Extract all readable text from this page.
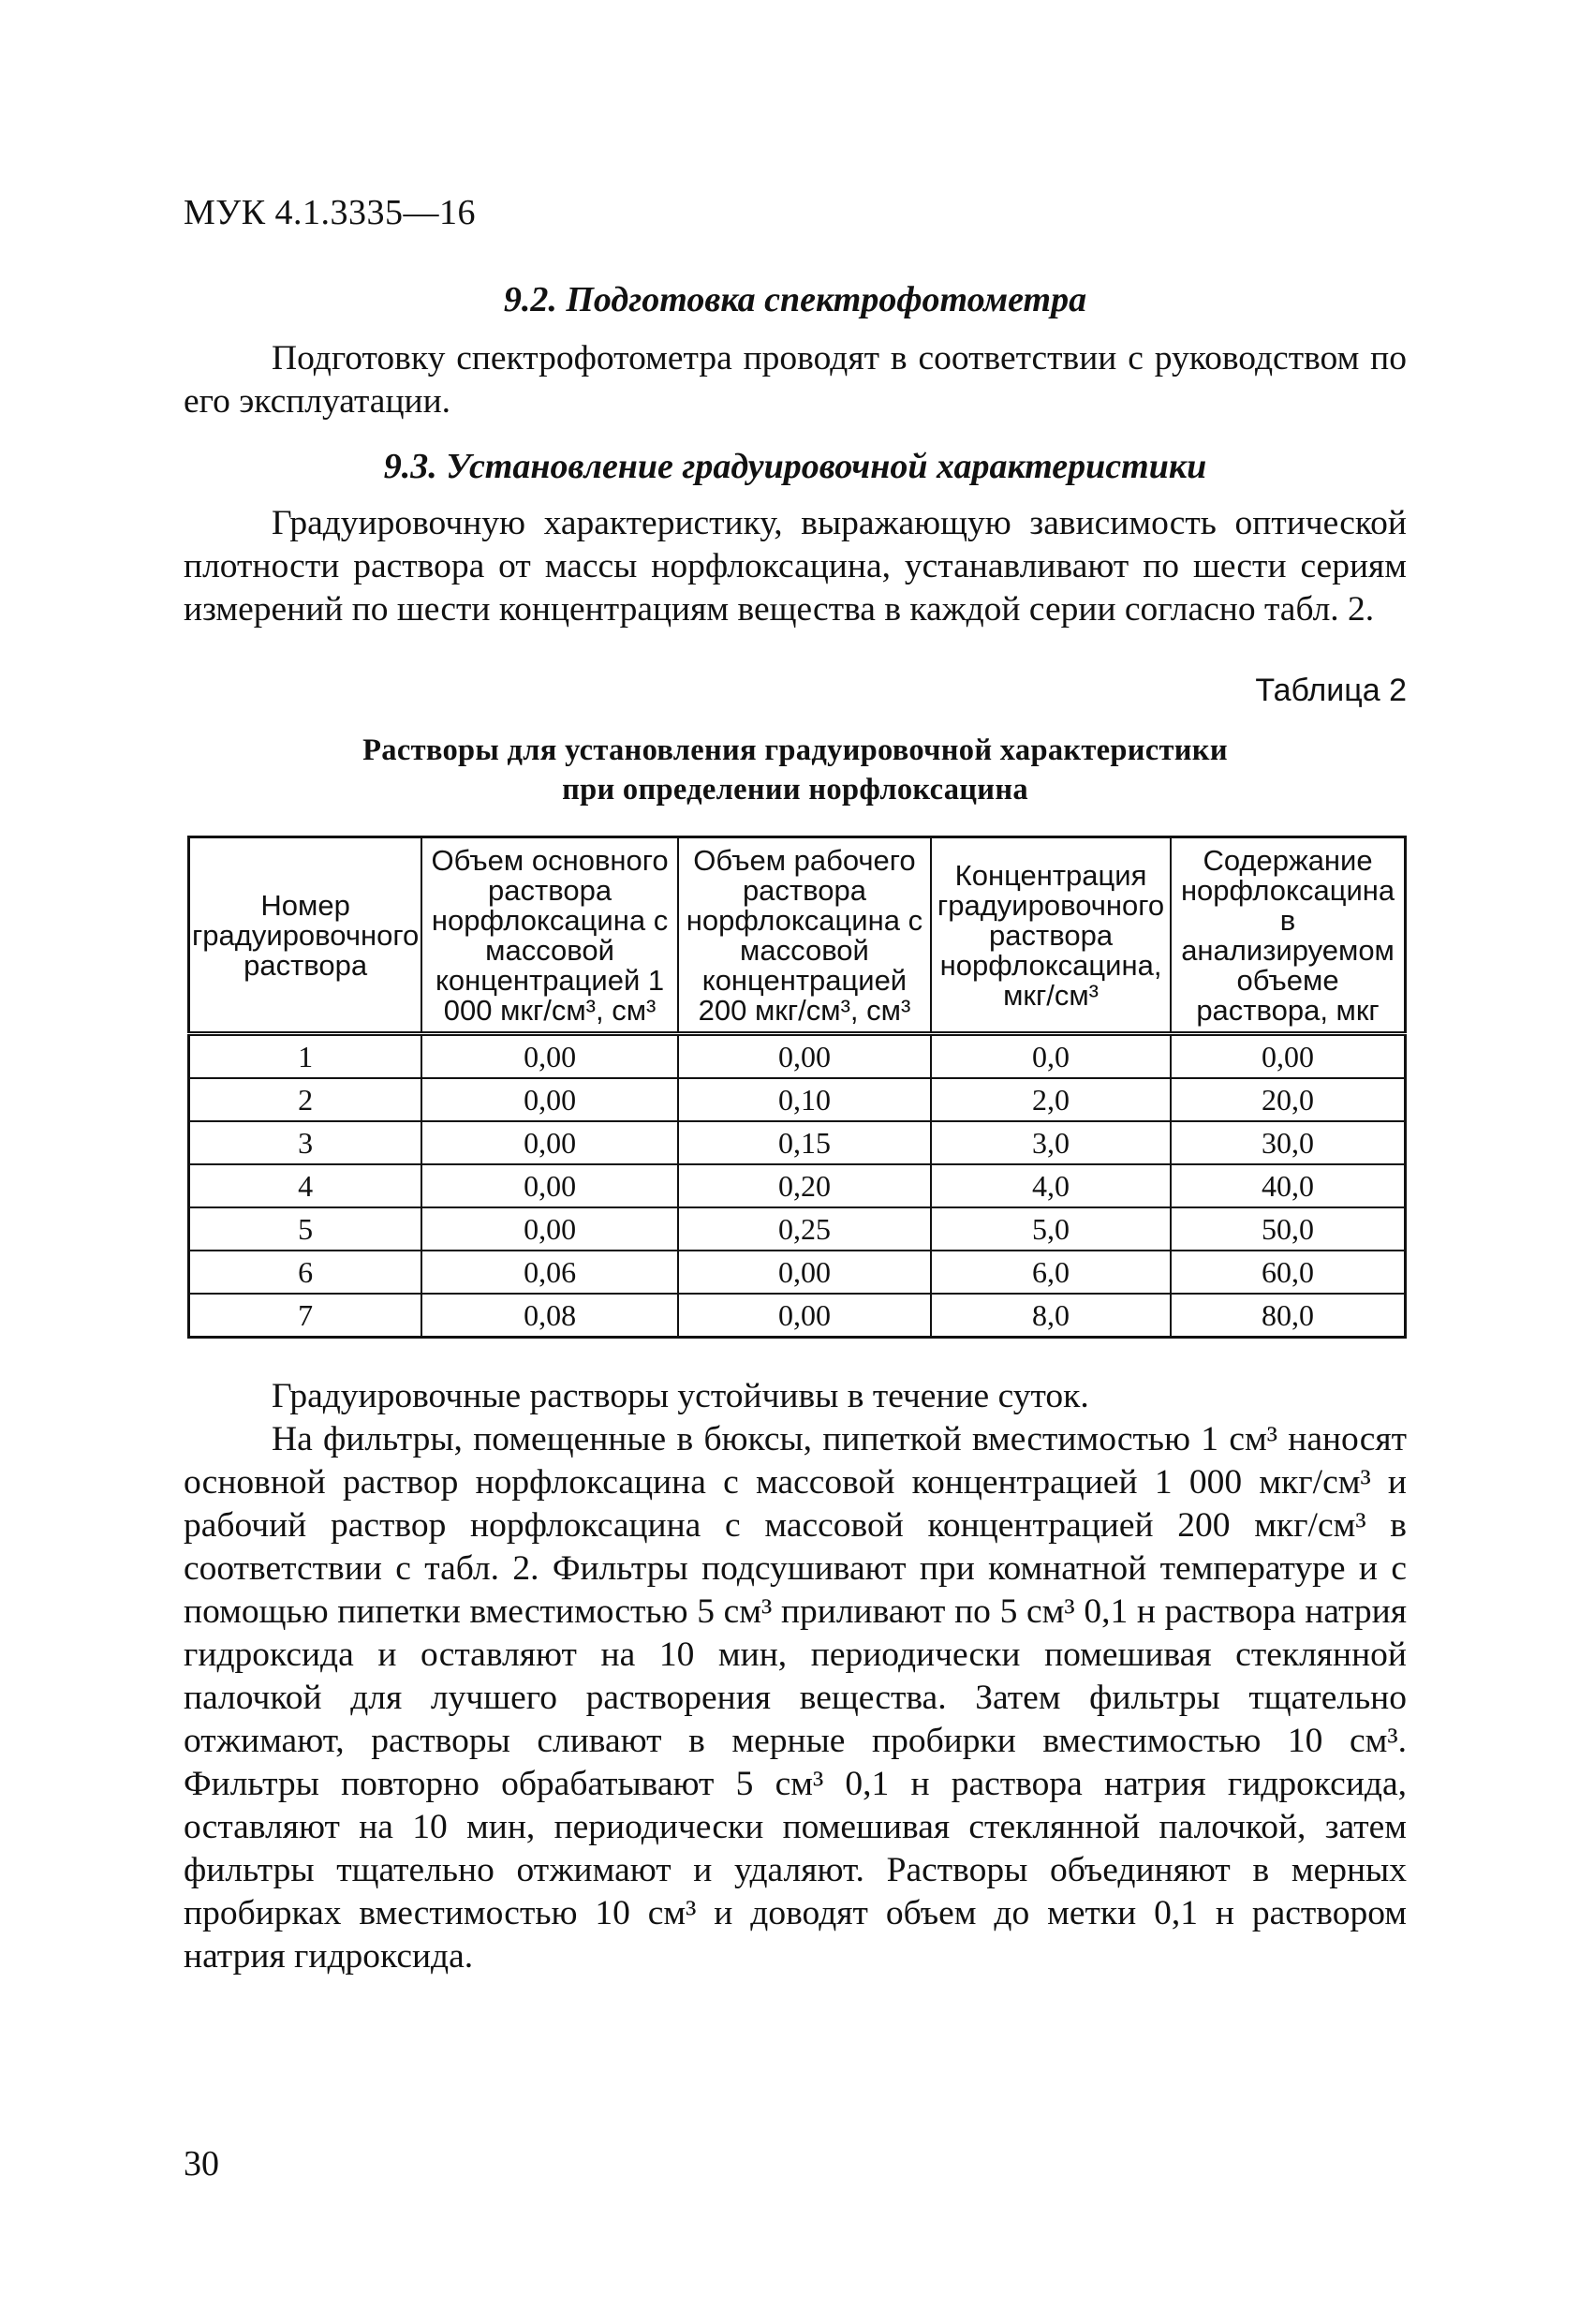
МУК 4.1.3335—16
9.2. Подготовка спектрофотометра

Подготовку спектрофотометра проводят в соответствии с руководством по его эксплуатации.

9.3. Установление градуировочной характеристики

Градуировочную характеристику, выражающую зависимость оптической плотности раствора от массы норфлоксацина, устанавливают по шести сериям измерений по шести концентрациям вещества в каждой серии согласно табл. 2.

Таблица 2
Растворы для установления градуировочной характеристики
при определении норфлоксацина
Номер градуировочного раствора	Объем основного раствора норфлоксацина с массовой концентрацией 1 000 мкг/см³, см³	Объем рабочего раствора норфлоксацина с массовой концентрацией 200 мкг/см³, см³	Концентрация градуировочного раствора норфлоксацина, мкг/см³	Содержание норфлоксацина в анализируемом объеме раствора, мкг
1	0,00	0,00	0,0	0,00
2	0,00	0,10	2,0	20,0
3	0,00	0,15	3,0	30,0
4	0,00	0,20	4,0	40,0
5	0,00	0,25	5,0	50,0
6	0,06	0,00	6,0	60,0
7	0,08	0,00	8,0	80,0

Градуировочные растворы устойчивы в течение суток.

На фильтры, помещенные в бюксы, пипеткой вместимостью 1 см³ наносят основной раствор норфлоксацина с массовой концентрацией 1 000 мкг/см³ и рабочий раствор норфлоксацина с массовой концентрацией 200 мкг/см³ в соответствии с табл. 2. Фильтры подсушивают при комнатной температуре и с помощью пипетки вместимостью 5 см³ приливают по 5 см³ 0,1 н раствора натрия гидроксида и оставляют на 10 мин, периодически помешивая стеклянной палочкой для лучшего растворения вещества. Затем фильтры тщательно отжимают, растворы сливают в мерные пробирки вместимостью 10 см³. Фильтры повторно обрабатывают 5 см³ 0,1 н раствора натрия гидроксида, оставляют на 10 мин, периодически помешивая стеклянной палочкой, затем фильтры тщательно отжимают и удаляют. Растворы объединяют в мерных пробирках вместимостью 10 см³ и доводят объем до метки 0,1 н раствором натрия гидроксида.

30
